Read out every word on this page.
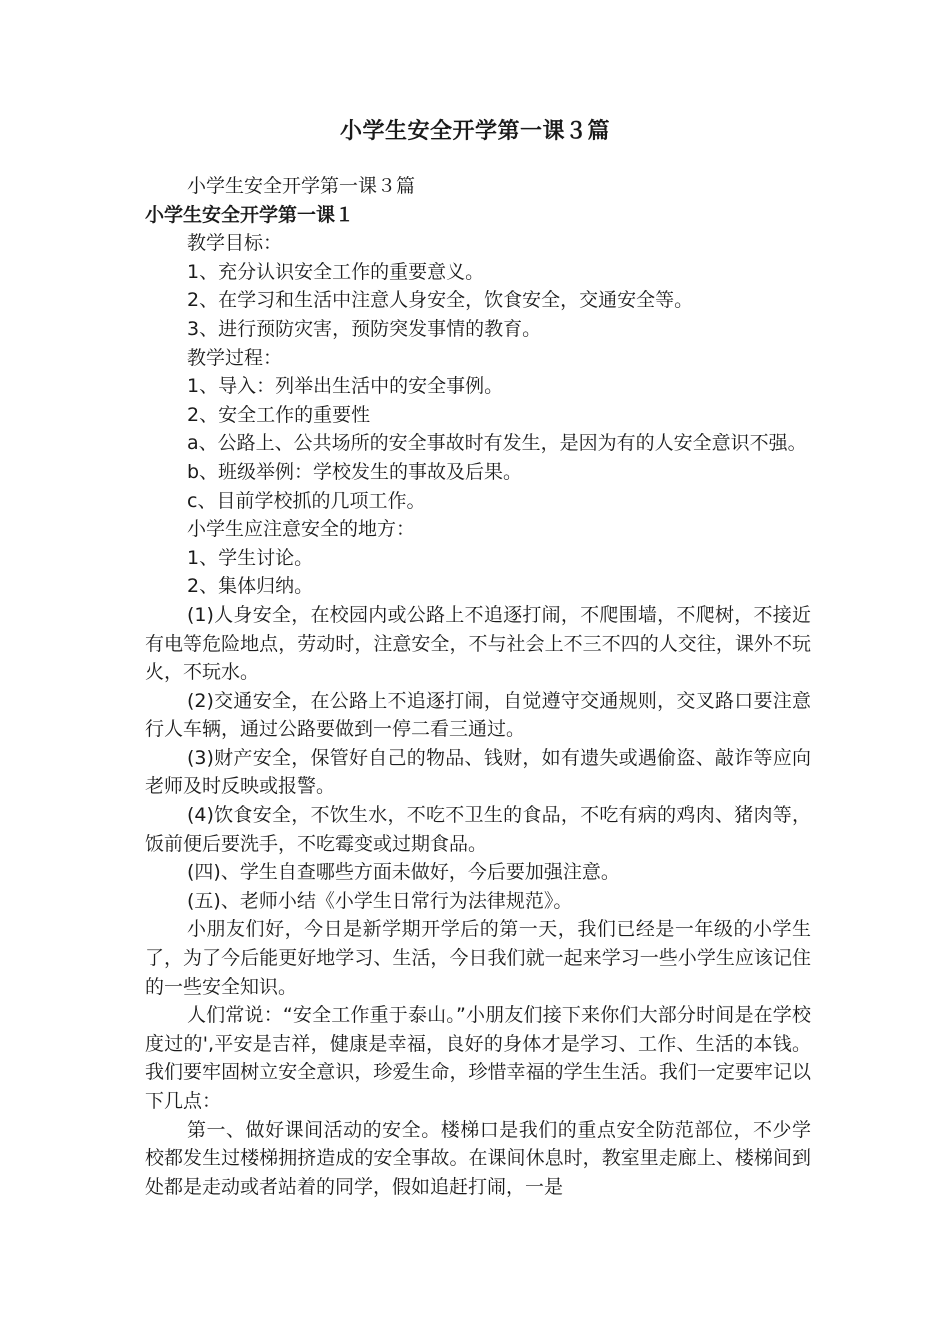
小学生安全开学第一课３篇

小学生安全开学第一课３篇

小学生安全开学第一课１

教学目标：

1、充分认识安全工作的重要意义。

2、在学习和生活中注意人身安全，饮食安全，交通安全等。

3、进行预防灾害，预防突发事情的教育。

教学过程：

1、导入：列举出生活中的安全事例。

2、安全工作的重要性

a、公路上、公共场所的安全事故时有发生，是因为有的人安全意识不强。

b、班级举例：学校发生的事故及后果。

c、目前学校抓的几项工作。

小学生应注意安全的地方：

1、学生讨论。

2、集体归纳。

(1)人身安全，在校园内或公路上不追逐打闹，不爬围墙，不爬树，不接近有电等危险地点，劳动时，注意安全，不与社会上不三不四的人交往，课外不玩火，不玩水。

(2)交通安全，在公路上不追逐打闹，自觉遵守交通规则，交叉路口要注意行人车辆，通过公路要做到一停二看三通过。

(3)财产安全，保管好自己的物品、钱财，如有遗失或遇偷盗、敲诈等应向老师及时反映或报警。

(4)饮食安全，不饮生水，不吃不卫生的食品，不吃有病的鸡肉、猪肉等，饭前便后要洗手，不吃霉变或过期食品。

(四)、学生自查哪些方面未做好，今后要加强注意。

(五)、老师小结《小学生日常行为法律规范》。

小朋友们好，今日是新学期开学后的第一天，我们已经是一年级的小学生了，为了今后能更好地学习、生活，今日我们就一起来学习一些小学生应该记住的一些安全知识。

人们常说：“安全工作重于泰山。”小朋友们接下来你们大部分时间是在学校度过的',平安是吉祥，健康是幸福，良好的身体才是学习、工作、生活的本钱。我们要牢固树立安全意识，珍爱生命，珍惜幸福的学生生活。我们一定要牢记以下几点：

第一、做好课间活动的安全。楼梯口是我们的重点安全防范部位，不少学校都发生过楼梯拥挤造成的安全事故。在课间休息时，教室里走廊上、楼梯间到处都是走动或者站着的同学，假如追赶打闹，一是
